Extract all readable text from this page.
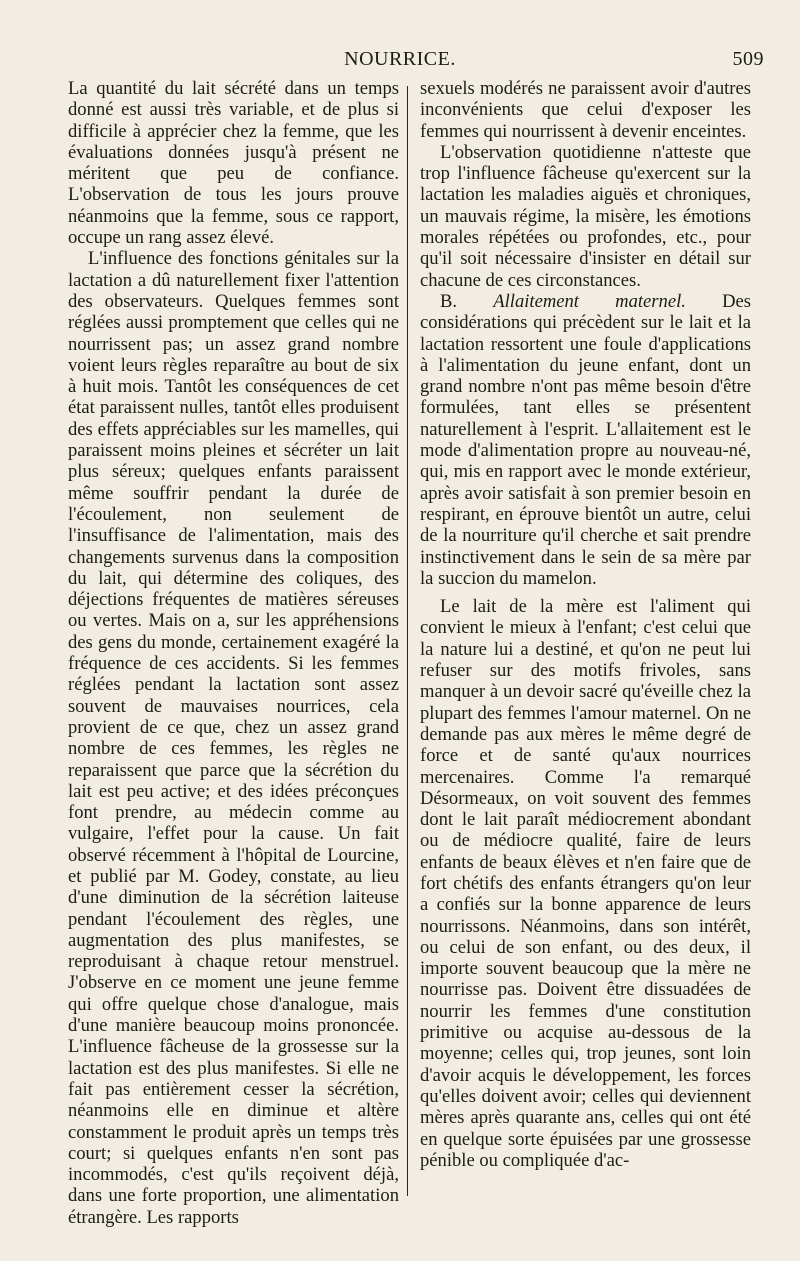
NOURRICE.	509

La quantité du lait sécrété dans un temps donné est aussi très variable, et de plus si difficile à apprécier chez la femme, que les évaluations données jusqu'à présent ne méritent que peu de confiance. L'observation de tous les jours prouve néanmoins que la femme, sous ce rapport, occupe un rang assez élevé.

L'influence des fonctions génitales sur la lactation a dû naturellement fixer l'attention des observateurs. Quelques femmes sont réglées aussi promptement que celles qui ne nourrissent pas; un assez grand nombre voient leurs règles reparaître au bout de six à huit mois. Tantôt les conséquences de cet état paraissent nulles, tantôt elles produisent des effets appréciables sur les mamelles, qui paraissent moins pleines et sécréter un lait plus séreux; quelques enfants paraissent même souffrir pendant la durée de l'écoulement, non seulement de l'insuffisance de l'alimentation, mais des changements survenus dans la composition du lait, qui détermine des coliques, des déjections fréquentes de matières séreuses ou vertes. Mais on a, sur les appréhensions des gens du monde, certainement exagéré la fréquence de ces accidents. Si les femmes réglées pendant la lactation sont assez souvent de mauvaises nourrices, cela provient de ce que, chez un assez grand nombre de ces femmes, les règles ne reparaissent que parce que la sécrétion du lait est peu active; et des idées préconçues font prendre, au médecin comme au vulgaire, l'effet pour la cause. Un fait observé récemment à l'hôpital de Lourcine, et publié par M. Godey, constate, au lieu d'une diminution de la sécrétion laiteuse pendant l'écoulement des règles, une augmentation des plus manifestes, se reproduisant à chaque retour menstruel. J'observe en ce moment une jeune femme qui offre quelque chose d'analogue, mais d'une manière beaucoup moins prononcée. L'influence fâcheuse de la grossesse sur la lactation est des plus manifestes. Si elle ne fait pas entièrement cesser la sécrétion, néanmoins elle en diminue et altère constamment le produit après un temps très court; si quelques enfants n'en sont pas incommodés, c'est qu'ils reçoivent déjà, dans une forte proportion, une alimentation étrangère. Les rapports

sexuels modérés ne paraissent avoir d'autres inconvénients que celui d'exposer les femmes qui nourrissent à devenir enceintes.

L'observation quotidienne n'atteste que trop l'influence fâcheuse qu'exercent sur la lactation les maladies aiguës et chroniques, un mauvais régime, la misère, les émotions morales répétées ou profondes, etc., pour qu'il soit nécessaire d'insister en détail sur chacune de ces circonstances.

B. Allaitement maternel. Des considérations qui précèdent sur le lait et la lactation ressortent une foule d'applications à l'alimentation du jeune enfant, dont un grand nombre n'ont pas même besoin d'être formulées, tant elles se présentent naturellement à l'esprit. L'allaitement est le mode d'alimentation propre au nouveau-né, qui, mis en rapport avec le monde extérieur, après avoir satisfait à son premier besoin en respirant, en éprouve bientôt un autre, celui de la nourriture qu'il cherche et sait prendre instinctivement dans le sein de sa mère par la succion du mamelon.

Le lait de la mère est l'aliment qui convient le mieux à l'enfant; c'est celui que la nature lui a destiné, et qu'on ne peut lui refuser sur des motifs frivoles, sans manquer à un devoir sacré qu'éveille chez la plupart des femmes l'amour maternel. On ne demande pas aux mères le même degré de force et de santé qu'aux nourrices mercenaires. Comme l'a remarqué Désormeaux, on voit souvent des femmes dont le lait paraît médiocrement abondant ou de médiocre qualité, faire de leurs enfants de beaux élèves et n'en faire que de fort chétifs des enfants étrangers qu'on leur a confiés sur la bonne apparence de leurs nourrissons. Néanmoins, dans son intérêt, ou celui de son enfant, ou des deux, il importe souvent beaucoup que la mère ne nourrisse pas. Doivent être dissuadées de nourrir les femmes d'une constitution primitive ou acquise au-dessous de la moyenne; celles qui, trop jeunes, sont loin d'avoir acquis le développement, les forces qu'elles doivent avoir; celles qui deviennent mères après quarante ans, celles qui ont été en quelque sorte épuisées par une grossesse pénible ou compliquée d'ac-
